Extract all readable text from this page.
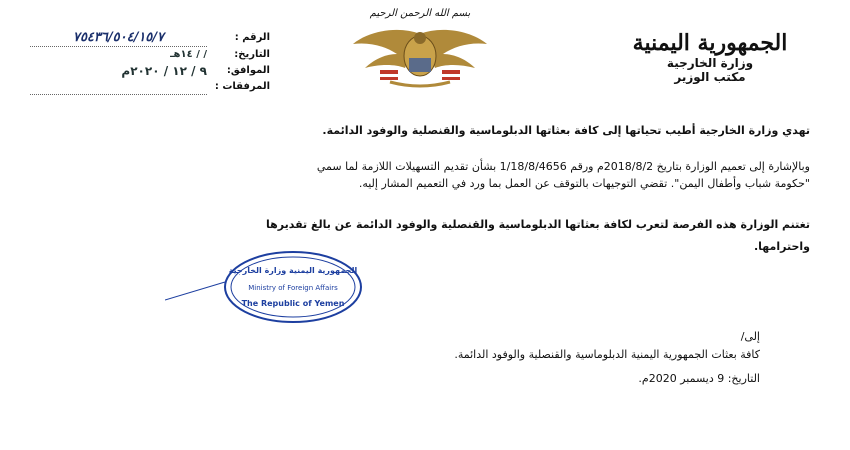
الجمهورية اليمنية
وزارة الخارجية
مكتب الوزير
بسم الله الرحمن الرحيم
الرقم :
٧٥٤٣٦/٥٠٤/١٥/٧
التاريخ:
/ / ١٤هـ
الموافق:
٩ / ١٢ / ٢٠٢٠م
المرفقات :
تهدي وزارة الخارجية أطيب تحياتها إلى كافة بعثاتها الدبلوماسية والقنصلية والوفود الدائمة.
وبالإشارة إلى تعميم الوزارة بتاريخ 2018/8/2م ورقم 1/18/8/4656 بشأن تقديم التسهيلات اللازمة لما سمي
"حكومة شباب وأطفال اليمن". تقضي التوجيهات بالتوقف عن العمل بما ورد في التعميم المشار إليه.
تغتنم الوزارة هذه الفرصة لتعرب لكافة بعثاتها الدبلوماسية والقنصلية والوفود الدائمة عن بالغ تقديرها
واحترامها.
إلى/
كافة بعثات الجمهورية اليمنية الدبلوماسية والقنصلية والوفود الدائمة.
التاريخ: 9 ديسمبر 2020م.
الجمهورية اليمنية وزارة الخارجية
Ministry of Foreign Affairs
The Republic of Yemen
